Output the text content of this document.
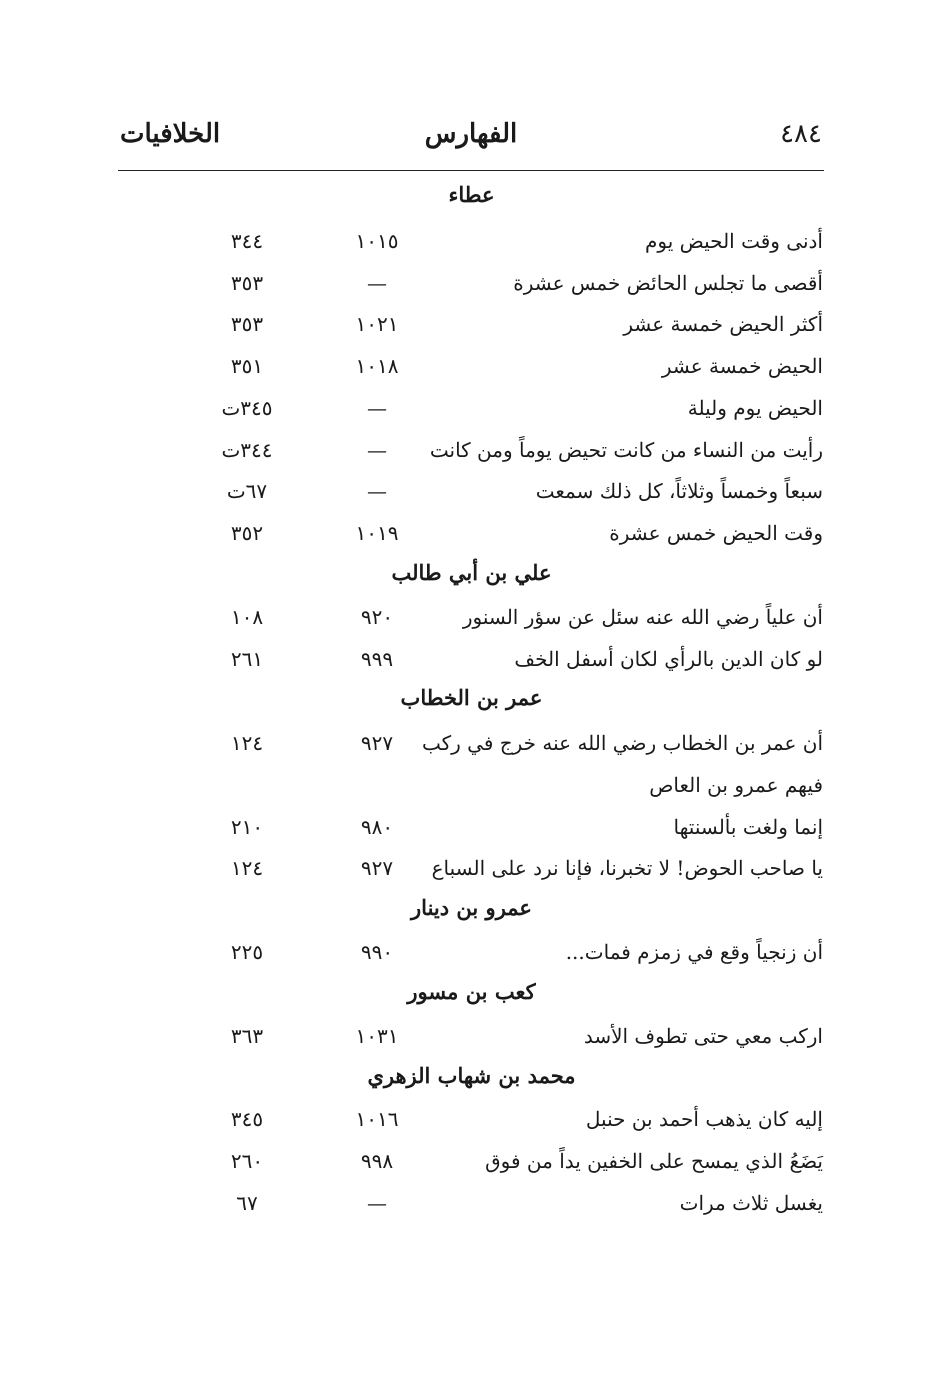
٤٨٤
الفهارس
الخلافيات
عطاء
أدنى وقت الحيض يوم
١٠١٥
٣٤٤
أقصى ما تجلس الحائض خمس عشرة
—
٣٥٣
أكثر الحيض خمسة عشر
١٠٢١
٣٥٣
الحيض خمسة عشر
١٠١٨
٣٥١
الحيض يوم وليلة
—
٣٤٥ت
رأيت من النساء من كانت تحيض يوماً ومن كانت
—
٣٤٤ت
سبعاً وخمساً وثلاثاً، كل ذلك سمعت
—
٦٧ت
وقت الحيض خمس عشرة
١٠١٩
٣٥٢
علي بن أبي طالب
أن علياً رضي الله عنه سئل عن سؤر السنور
٩٢٠
١٠٨
لو كان الدين بالرأي لكان أسفل الخف
٩٩٩
٢٦١
عمر بن الخطاب
أن عمر بن الخطاب رضي الله عنه خرج في ركب
٩٢٧
١٢٤
فيهم عمرو بن العاص
إنما ولغت بألسنتها
٩٨٠
٢١٠
يا صاحب الحوض! لا تخبرنا، فإنا نرد على السباع
٩٢٧
١٢٤
عمرو بن دينار
أن زنجياً وقع في زمزم فمات...
٩٩٠
٢٢٥
كعب بن مسور
اركب معي حتى تطوف الأسد
١٠٣١
٣٦٣
محمد بن شهاب الزهري
إليه كان يذهب أحمد بن حنبل
١٠١٦
٣٤٥
يَضَعُ الذي يمسح على الخفين يداً من فوق
٩٩٨
٢٦٠
يغسل ثلاث مرات
—
٦٧
